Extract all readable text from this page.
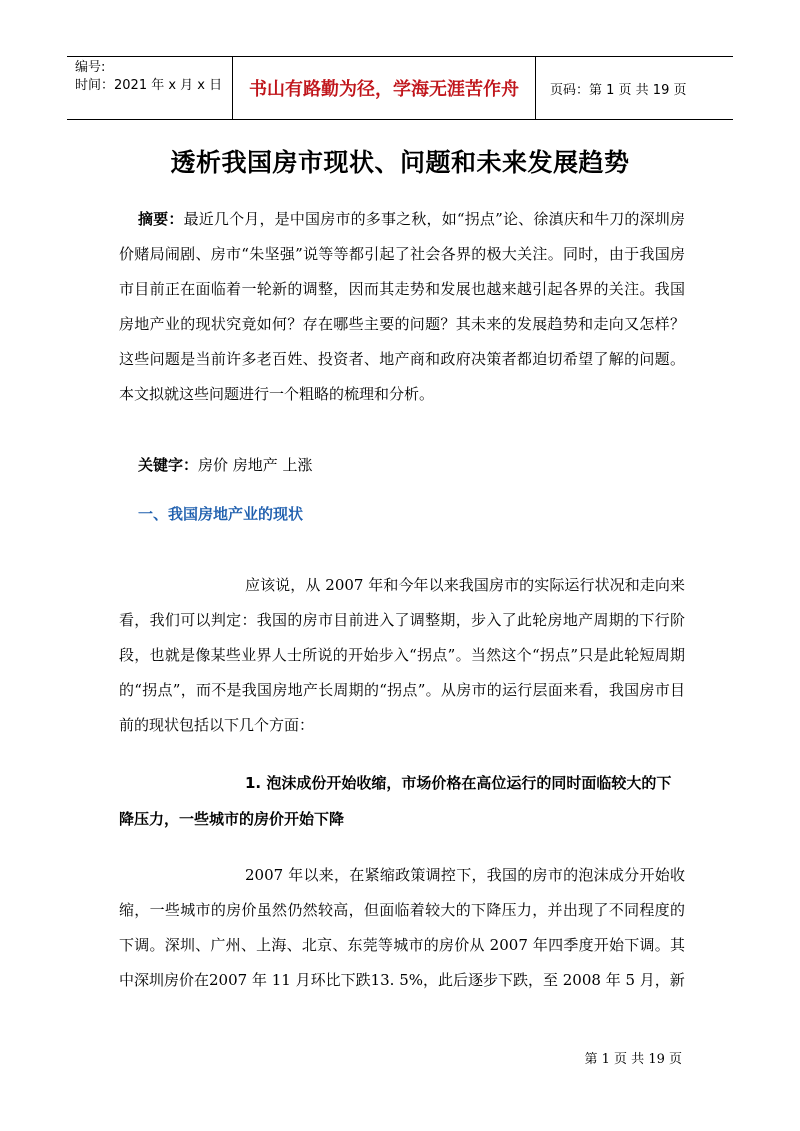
编号:
时间：2021 年 x 月 x 日	书山有路勤为径，学海无涯苦作舟	页码：第 1 页 共 19 页
透析我国房市现状、问题和未来发展趋势
摘要：最近几个月，是中国房市的多事之秋，如“拐点”论、徐滇庆和牛刀的深圳房价赌局闹剧、房市“朱坚强”说等等都引起了社会各界的极大关注。同时，由于我国房市目前正在面临着一轮新的调整，因而其走势和发展也越来越引起各界的关注。我国房地产业的现状究竟如何？存在哪些主要的问题？其未来的发展趋势和走向又怎样？这些问题是当前许多老百姓、投资者、地产商和政府决策者都迫切希望了解的问题。本文拟就这些问题进行一个粗略的梳理和分析。
关键字：房价 房地产 上涨
一、我国房地产业的现状
应该说，从 2007 年和今年以来我国房市的实际运行状况和走向来看，我们可以判定：我国的房市目前进入了调整期，步入了此轮房地产周期的下行阶段，也就是像某些业界人士所说的开始步入“拐点”。当然这个“拐点”只是此轮短周期的“拐点”，而不是我国房地产长周期的“拐点”。从房市的运行层面来看，我国房市目前的现状包括以下几个方面：
1. 泡沫成份开始收缩，市场价格在高位运行的同时面临较大的下降压力，一些城市的房价开始下降
2007 年以来，在紧缩政策调控下，我国的房市的泡沫成分开始收缩，一些城市的房价虽然仍然较高，但面临着较大的下降压力，并出现了不同程度的下调。深圳、广州、上海、北京、东莞等城市的房价从 2007 年四季度开始下调。其中深圳房价在2007 年 11 月环比下跌13. 5%，此后逐步下跌，至 2008 年 5 月，新
第 1 页 共 19 页
